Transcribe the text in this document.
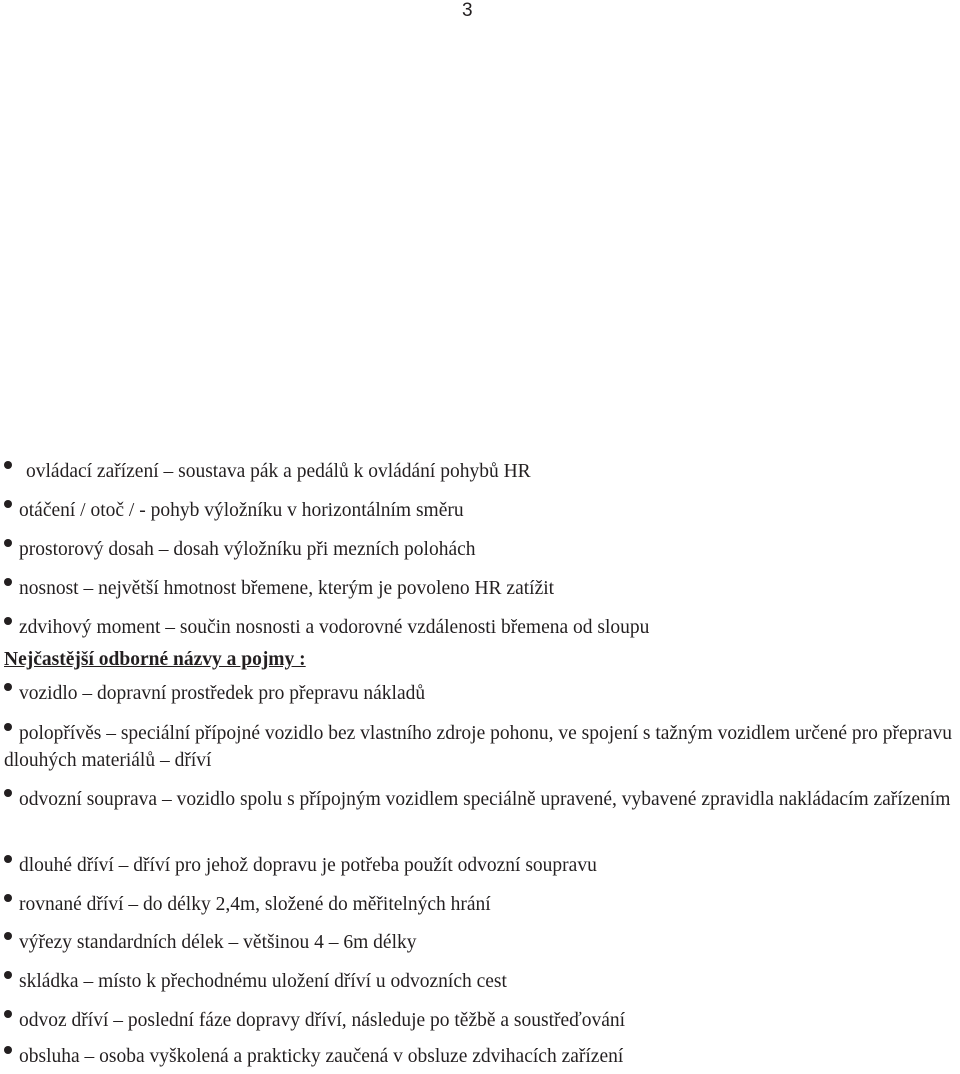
3
ovládací zařízení – soustava pák a pedálů k ovládání pohybů HR
otáčení / otoč / - pohyb výložníku v horizontálním směru
prostorový dosah – dosah výložníku při mezních polohách
nosnost – největší hmotnost břemene, kterým je povoleno HR zatížit
zdvihový moment – součin nosnosti a vodorovné vzdálenosti břemena od sloupu
Nejčastější odborné názvy a pojmy :
vozidlo – dopravní prostředek pro přepravu nákladů
polopřívěs – speciální přípojné vozidlo bez vlastního zdroje pohonu, ve spojení s tažným vozidlem určené pro přepravu dlouhých materiálů – dříví
odvozní souprava – vozidlo spolu s přípojným vozidlem speciálně upravené, vybavené zpravidla nakládacím zařízením
dlouhé dříví – dříví pro jehož dopravu je potřeba použít odvozní soupravu
rovnané dříví – do délky 2,4m, složené do měřitelných hrání
výřezy standardních délek – většinou 4 – 6m délky
skládka – místo k přechodnému uložení dříví u odvozních cest
odvoz dříví – poslední fáze dopravy dříví, následuje po těžbě a soustřeďování
obsluha – osoba vyškolená a prakticky zaučená v obsluze zdvihacích zařízení
